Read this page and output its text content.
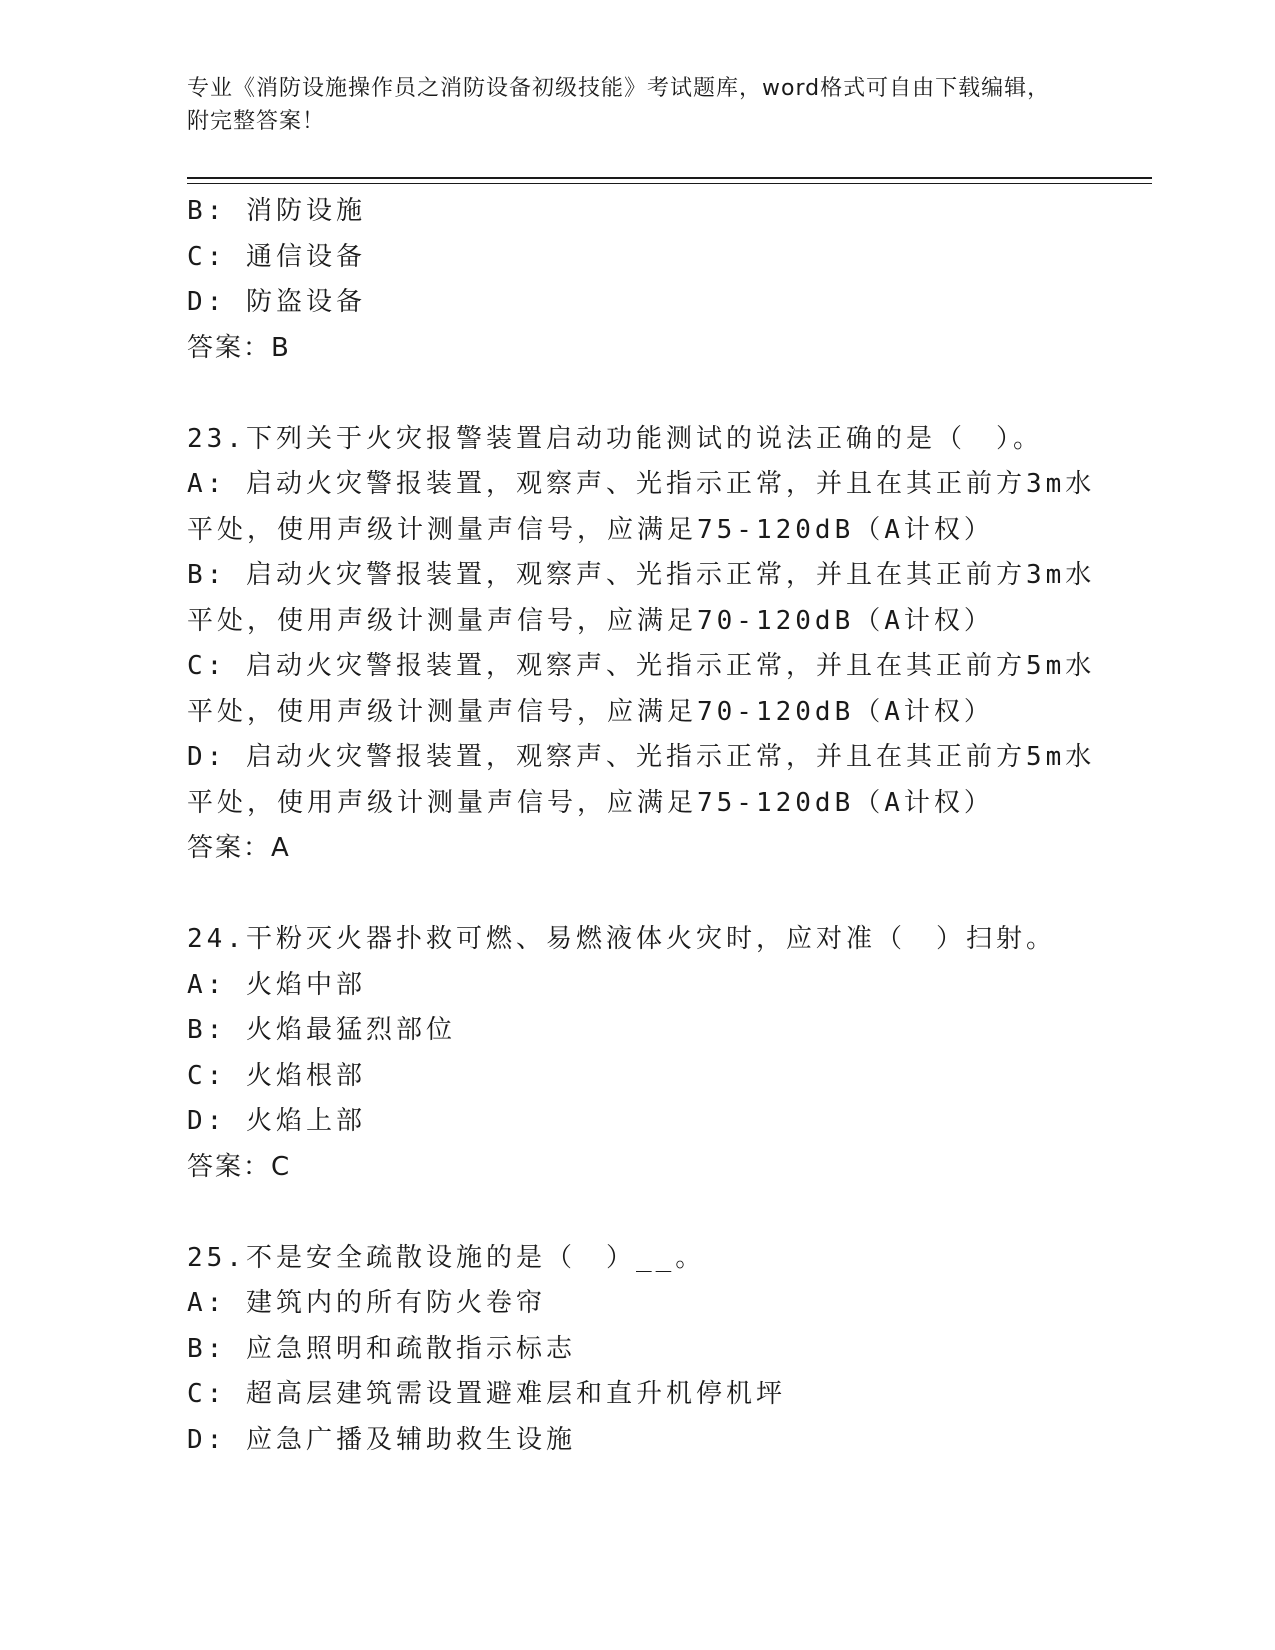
专业《消防设施操作员之消防设备初级技能》考试题库，word格式可自由下载编辑，附完整答案！
B: 消防设施
C: 通信设备
D: 防盗设备
答案：B
23.下列关于火灾报警装置启动功能测试的说法正确的是（　）。
A: 启动火灾警报装置，观察声、光指示正常，并且在其正前方3m水
平处，使用声级计测量声信号，应满足75-120dB（A计权）
B: 启动火灾警报装置，观察声、光指示正常，并且在其正前方3m水
平处，使用声级计测量声信号，应满足70-120dB（A计权）
C: 启动火灾警报装置，观察声、光指示正常，并且在其正前方5m水
平处，使用声级计测量声信号，应满足70-120dB（A计权）
D: 启动火灾警报装置，观察声、光指示正常，并且在其正前方5m水
平处，使用声级计测量声信号，应满足75-120dB（A计权）
答案：A
24.干粉灭火器扑救可燃、易燃液体火灾时，应对准（　）扫射。
A: 火焰中部
B: 火焰最猛烈部位
C: 火焰根部
D: 火焰上部
答案：C
25.不是安全疏散设施的是（　）__。
A: 建筑内的所有防火卷帘
B: 应急照明和疏散指示标志
C: 超高层建筑需设置避难层和直升机停机坪
D: 应急广播及辅助救生设施
